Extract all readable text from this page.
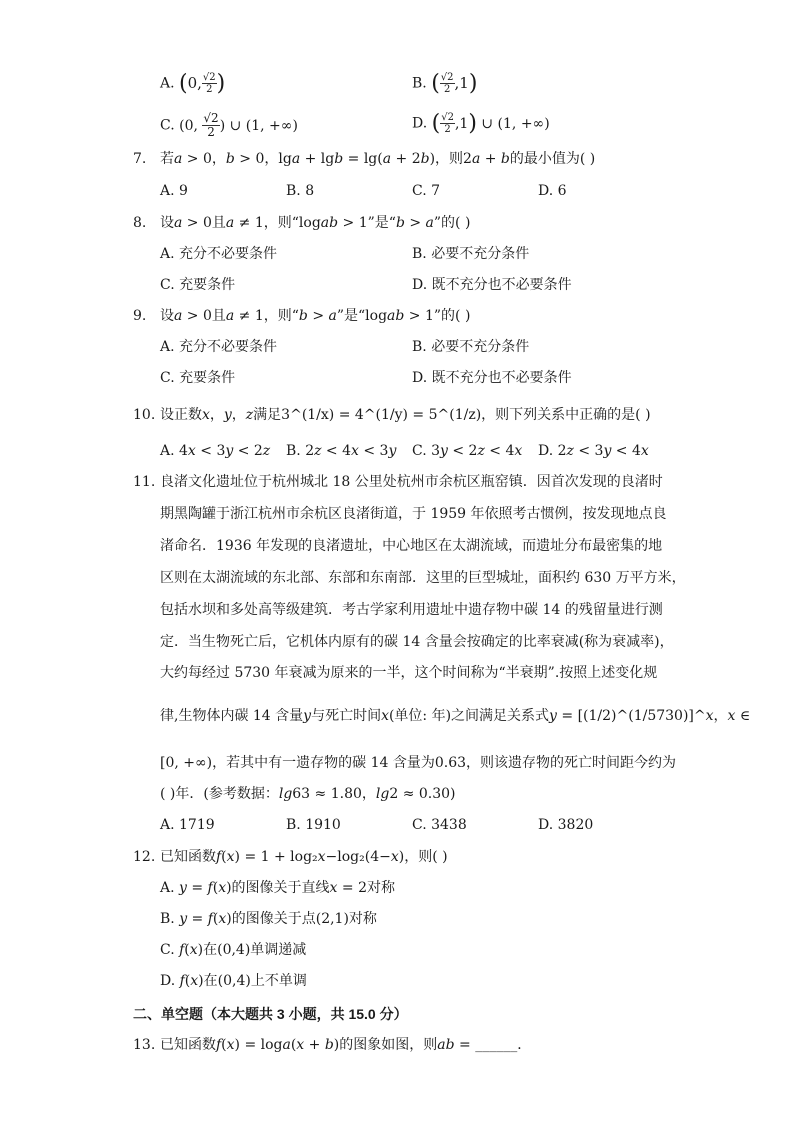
A. (0, $\frac{√2}{2}$ )	B. ( $\frac{√2}{2} ,1$)
C. (0, $\frac{√2}{2}$ ) ∪ (1, +∞)	D. ( $\frac{√2}{2} ,1$) ∪ (1, +∞)
7. 若𝑎 > 0，𝑏 > 0，lg𝑎 + lg𝑏 = lg(𝑎 + 2𝑏)，则2𝑎 + 𝑏的最小值为( )
A. 9	B. 8	C. 7	D. 6
8. 设𝑎 > 0且𝑎 ≠ 1，则“log𝑎𝑏 > 1”是“𝑏 > 𝑎”的( )
A. 充分不必要条件	B. 必要不充分条件
C. 充要条件	D. 既不充分也不必要条件
9. 设𝑎 > 0且𝑎 ≠ 1，则“𝑏 > 𝑎”是“log𝑎𝑏 > 1”的( )
A. 充分不必要条件	B. 必要不充分条件
C. 充要条件	D. 既不充分也不必要条件
10. 设正数𝑥，𝑦，𝑧满足3^(1/x) = 4^(1/y) = 5^(1/z)，则下列关系中正确的是( )
A. 4𝑥 < 3𝑦 < 2𝑧 B. 2𝑧 < 4𝑥 < 3𝑦 C. 3𝑦 < 2𝑧 < 4𝑥 D. 2𝑧 < 3𝑦 < 4𝑥
11. 良渚文化遗址位于杭州城北 18 公里处杭州市余杭区瓶窑镇．因首次发现的良渚时
期黑陶罐于浙江杭州市余杭区良渚街道，于 1959 年依照考古惯例，按发现地点良
渚命名．1936 年发现的良渚遗址，中心地区在太湖流域，而遗址分布最密集的地
区则在太湖流域的东北部、东部和东南部．这里的巨型城址，面积约 630 万平方米，
包括水坝和多处高等级建筑．考古学家利用遗址中遗存物中碳 14 的残留量进行测
定．当生物死亡后，它机体内原有的碳 14 含量会按确定的比率衰减(称为衰减率)，
大约每经过 5730 年衰减为原来的一半，这个时间称为“半衰期”.按照上述变化规
律,生物体内碳 14 含量𝑦与死亡时间𝑥(单位: 年)之间满足关系式𝑦 = [(1/2)^(1/5730)]^𝑥，𝑥 ∈
[0, +∞)，若其中有一遗存物的碳 14 含量为0.63，则该遗存物的死亡时间距今约为
( )年．(参考数据：𝑙𝑔63 ≈ 1.80，𝑙𝑔2 ≈ 0.30)
A. 1719	B. 1910	C. 3438	D. 3820
12. 已知函数𝑓(𝑥) = 1 + log₂𝑥−log₂(4−𝑥)，则( )
A. 𝑦 = 𝑓(𝑥)的图像关于直线𝑥 = 2对称
B. 𝑦 = 𝑓(𝑥)的图像关于点(2,1)对称
C. 𝑓(𝑥)在(0,4)单调递减
D. 𝑓(𝑥)在(0,4)上不单调
二、单空题（本大题共 3 小题，共 15.0 分）
13. 已知函数𝑓(𝑥) = log𝑎(𝑥 + 𝑏)的图象如图，则𝑎𝑏 = ______．
